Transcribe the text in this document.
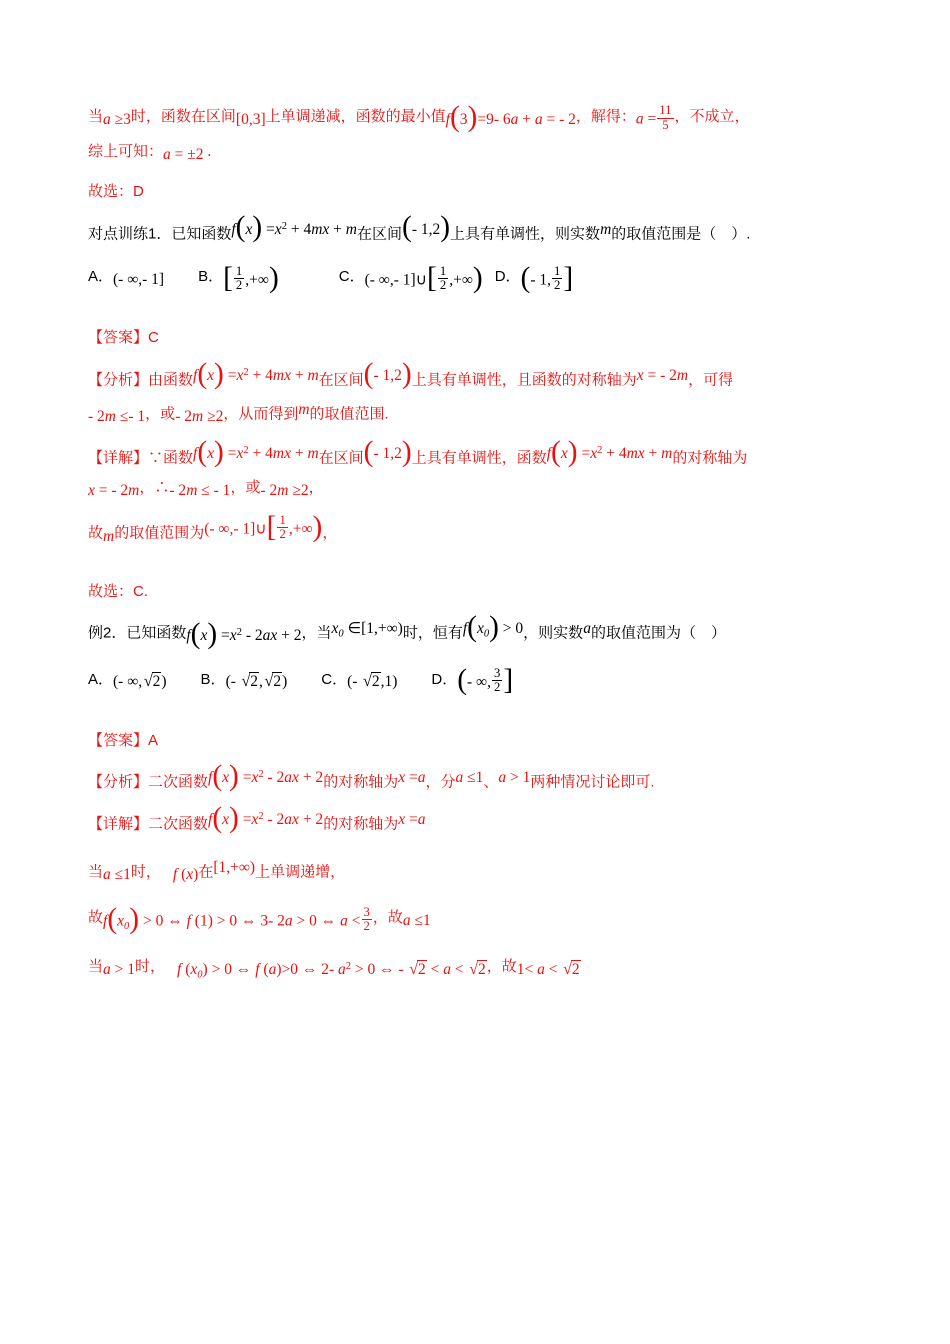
当a ≥3时，函数在区间[0,3]上单调递减，函数的最小值f(3)=9- 6a + a = - 2，解得：$a = \frac{11}{5}$ ，不成立，
综上可知：a = ±2 .
故选：D
对点训练1．已知函数$f(x) =x^2 + 4mx + m$在区间(- 1,2)上具有单调性，则实数m的取值范围是（　）.
A．(- ∞,- 1] B．[ $\frac{1}{2}$ ,+∞)	C．(- ∞,- 1]∪[ $\frac{1}{2}$ ,+∞) D．(- 1, $\frac{1}{2}$ ]
【答案】C
【分析】由函数$f(x) =x^2 + 4mx + m$在区间(- 1,2)上具有单调性，且函数的对称轴为x = - 2m，可得
- 2m ≤- 1，或- 2m ≥2，从而得到m的取值范围.
【详解】∵函数$f(x) =x^2 + 4mx + m$在区间(- 1,2)上具有单调性，函数$f(x) =x^2 + 4mx + m$的对称轴为
x = - 2m，∴- 2m ≤ - 1，或- 2m ≥2，
故m的取值范围为(- ∞,- 1]∪[ $\frac{1}{2}$ ,+∞)，
故选：C.
例2．已知函数$f(x) =x^2 - 2ax + 2$，当$x_0$ ∈[1,+∞)时，恒有$f(x_0) > 0$，则实数a的取值范围为（　）
A．(- ∞,√2) B．(- √2,√2) C．(- √2,1) D．(- ∞, $\frac{3}{2}$ ]
【答案】A
【分析】二次函数$f(x) =x^2 - 2ax + 2$的对称轴为x =a，分a ≤1、a > 1两种情况讨论即可.
【详解】二次函数$f(x) =x^2 - 2ax + 2$的对称轴为x =a
当a ≤1时， f (x)在[1,+∞)上单调递增，
故$f(x_0) > 0$ ⇔ f (1) > 0 ⇔ 3- 2a > 0 ⇔ $a < \frac{3}{2}$ ，故a ≤1
当a > 1时， f $(x_0) > 0$ ⇔ f (a)>0 ⇔ 2- $a^2 > 0$ ⇔ - √2 < a < √2，故1< a < √2
